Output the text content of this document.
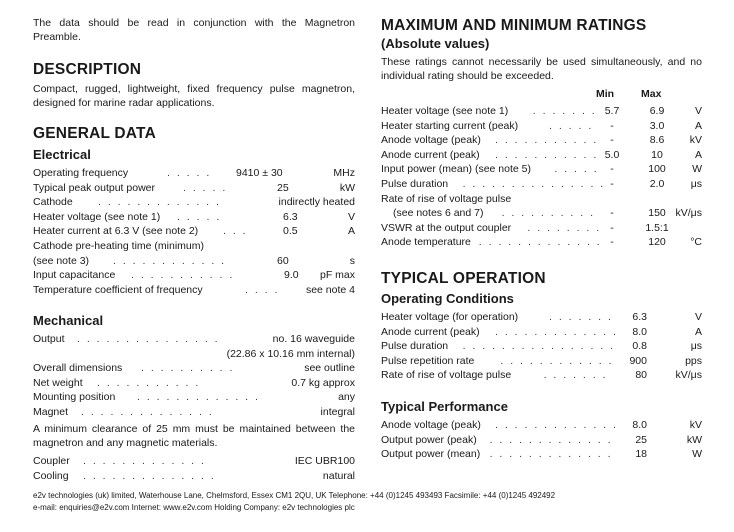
The data should be read in conjunction with the Magnetron Preamble.
DESCRIPTION
Compact, rugged, lightweight, fixed frequency pulse magnetron, designed for marine radar applications.
GENERAL DATA
Electrical
Operating frequency	. . . . . 9410 ± 30	MHz
Typical peak output power	. . . . .	25	kW
Cathode . . . . . . . . . . . . .	indirectly heated
Heater voltage (see note 1) . . . . .	6.3	V
Heater current at 6.3 V (see note 2) . . .	0.5	A
Cathode pre-heating time (minimum)
(see note 3) . . . . . . . . . . . .	60	s
Input capacitance . . . . . . . . . . .	9.0 pF max
Temperature coefficient of frequency	. . . .	see note 4
Mechanical
Output . . . . . . . . . . . . . . .	no. 16 waveguide
(22.86 x 10.16 mm internal)
Overall dimensions . . . . . . . . . .	see outline
Net weight . . . . . . . . . . .	0.7 kg approx
Mounting position . . . . . . . . . . . . .	any
Magnet . . . . . . . . . . . . . .	integral
A minimum clearance of 25 mm must be maintained between the magnetron and any magnetic materials.
Coupler . . . . . . . . . . . . .	IEC UBR100
Cooling . . . . . . . . . . . . . .	natural
MAXIMUM AND MINIMUM RATINGS
(Absolute values)
These ratings cannot necessarily be used simultaneously, and no individual rating should be exceeded.
Min	Max
Heater voltage (see note 1) . . . . . . . 5.7	6.9	V
Heater starting current (peak)	. . . . .	-	3.0	A
Anode voltage (peak) . . . . . . . . . . .	-	8.6	kV
Anode current (peak) . . . . . . . . . . . 5.0	10	A
Input power (mean) (see note 5) . . . . .	-	100	W
Pulse duration . . . . . . . . . . . . . . . -	2.0	μs
Rate of rise of voltage pulse
(see notes 6 and 7) . . . . . . . . . .	-	150 kV/μs
VSWR at the output coupler . . . . . . . . -	1.5:1
Anode temperature . . . . . . . . . . . . . -	120	°C
TYPICAL OPERATION
Operating Conditions
Heater voltage (for operation)	. . . . . . .	6.3	V
Anode current (peak) . . . . . . . . . . . . .	8.0	A
Pulse duration . . . . . . . . . . . . . . . .	0.8	μs
Pulse repetition rate . . . . . . . . . . . .	900	pps
Rate of rise of voltage pulse	. . . . . . .	80	kV/μs
Typical Performance
Anode voltage (peak) . . . . . . . . . . . . .	8.0	kV
Output power (peak) . . . . . . . . . . . . .	25	kW
Output power (mean) . . . . . . . . . . . . .	18	W
e2v technologies (uk) limited, Waterhouse Lane, Chelmsford, Essex CM1 2QU, UK Telephone: +44 (0)1245 493493 Facsimile: +44 (0)1245 492492
e-mail: enquiries@e2v.com Internet: www.e2v.com Holding Company: e2v technologies plc
